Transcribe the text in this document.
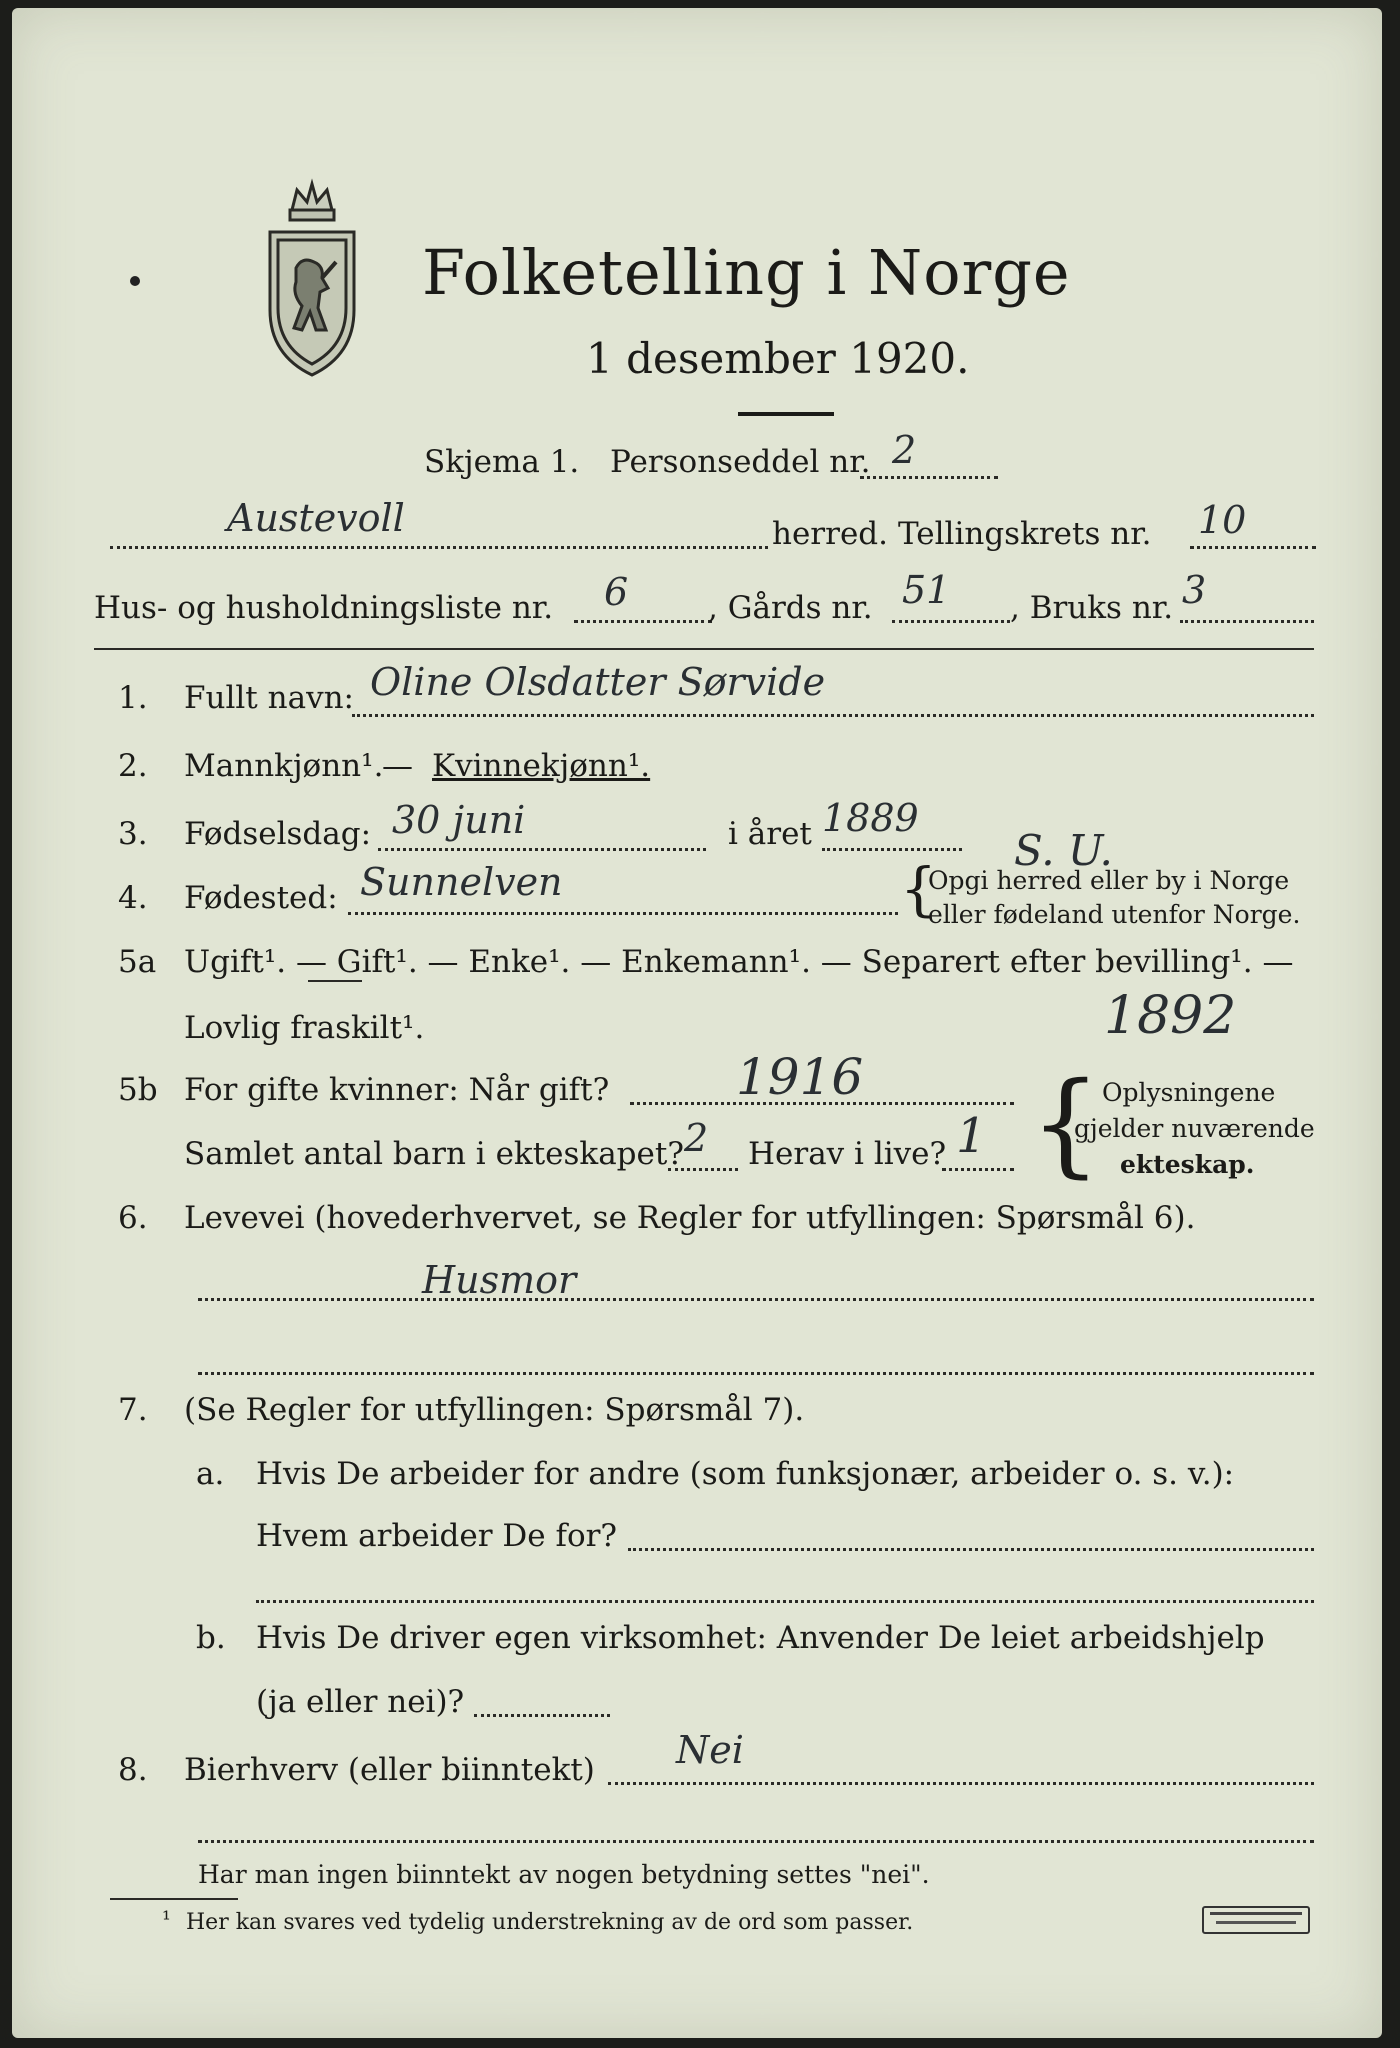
Folketelling i Norge
1 desember 1920.
Skjema 1. Personseddel nr. 2
Austevoll	herred. Tellingskrets nr. 10
Hus- og husholdningsliste nr. 6	, Gårds nr. 51 , Bruks nr. 3
1. Fullt navn: Oline Olsdatter Sørvide
2. Mannkjønn¹.
— Kvinnekjønn¹.
3. Fødselsdag: 30 juni	i året 1889
S. U.
4. Fødested: Sunnelven	{
Opgi herred eller by i Norge
eller fødeland utenfor Norge.
5a Ugift¹. — Gift¹. — Enke¹. — Enkemann¹. — Separert efter bevilling¹. —
Lovlig fraskilt¹.	1892
5b For gifte kvinner: Når gift?	1916
Samlet antal barn i ekteskapet? 2 Herav i live? 1 { Oplysningene
gjelder nuværende
ekteskap.
6. Levevei (hovederhvervet, se Regler for utfyllingen: Spørsmål 6).
Husmor
7. (Se Regler for utfyllingen: Spørsmål 7).
a. Hvis De arbeider for andre (som funksjonær, arbeider o. s. v.):
Hvem arbeider De for?
b. Hvis De driver egen virksomhet: Anvender De leiet arbeidshjelp
(ja eller nei)?
8. Bierhverv (eller biinntekt) Nei
Har man ingen biinntekt av nogen betydning settes "nei".
¹ Her kan svares ved tydelig understrekning av de ord som passer.
